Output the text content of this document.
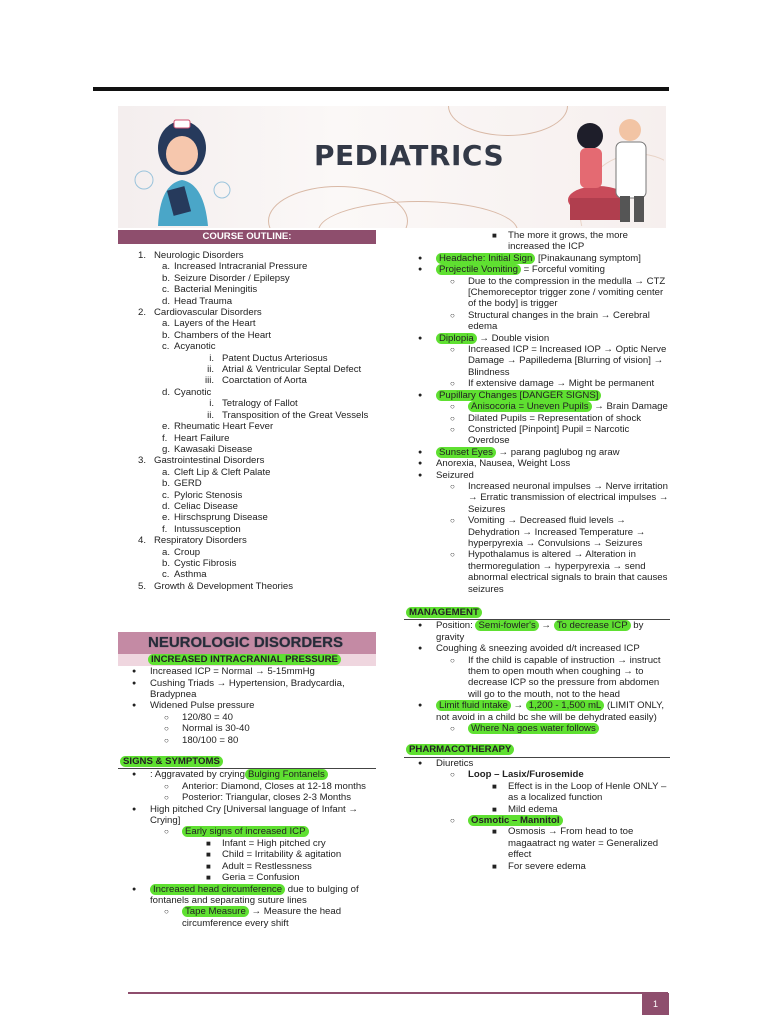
PEDIATRICS
COURSE OUTLINE:
1. Neurologic Disorders
a. Increased Intracranial Pressure
b. Seizure Disorder / Epilepsy
c. Bacterial Meningitis
d. Head Trauma
2. Cardiovascular Disorders
a. Layers of the Heart
b. Chambers of the Heart
c. Acyanotic
i. Patent Ductus Arteriosus
ii. Atrial & Ventricular Septal Defect
iii. Coarctation of Aorta
d. Cyanotic
i. Tetralogy of Fallot
ii. Transposition of the Great Vessels
e. Rheumatic Heart Fever
f. Heart Failure
g. Kawasaki Disease
3. Gastrointestinal Disorders
a. Cleft Lip & Cleft Palate
b. GERD
c. Pyloric Stenosis
d. Celiac Disease
e. Hirschsprung Disease
f. Intussusception
4. Respiratory Disorders
a. Croup
b. Cystic Fibrosis
c. Asthma
5. Growth & Development Theories
NEUROLOGIC DISORDERS
INCREASED INTRACRANIAL PRESSURE
● Increased ICP = Normal → 5-15mmHg
● Cushing Triads → Hypertension, Bradycardia, Bradypnea
● Widened Pulse pressure
○ 120/80 = 40
○ Normal is 30-40
○ 180/100 = 80
SIGNS & SYMPTOMS
● : Aggravated by crying Bulging Fontanels
○ Anterior: Diamond, Closes at 12-18 months
○ Posterior: Triangular, closes 2-3 Months
● High pitched Cry [Universal language of Infant → Crying]
○ Early signs of increased ICP
■ Infant = High pitched cry
■ Child = Irritability & agitation
■ Adult = Restlessness
■ Geria = Confusion
● Increased head circumference due to bulging of fontanels and separating suture lines
○ Tape Measure → Measure the head circumference every shift
■ The more it grows, the more increased the ICP
● Headache: Initial Sign [Pinakaunang symptom]
● Projectile Vomiting = Forceful vomiting
○ Due to the compression in the medulla → CTZ [Chemoreceptor trigger zone / vomiting center of the body] is trigger
○ Structural changes in the brain → Cerebral edema
● Diplopia → Double vision
○ Increased ICP = Increased IOP → Optic Nerve Damage → Papilledema [Blurring of vision] → Blindness
○ If extensive damage → Might be permanent
● Pupillary Changes [DANGER SIGNS]
○ Anisocoria = Uneven Pupils → Brain Damage
○ Dilated Pupils = Representation of shock
○ Constricted [Pinpoint] Pupil = Narcotic Overdose
● Sunset Eyes → parang paglubog ng araw
● Anorexia, Nausea, Weight Loss
● Seizured
○ Increased neuronal impulses → Nerve irritation → Erratic transmission of electrical impulses → Seizures
○ Vomiting → Decreased fluid levels → Dehydration → Increased Temperature → hyperpyrexia → Convulsions → Seizures
○ Hypothalamus is altered → Alteration in thermoregulation → hyperpyrexia → send abnormal electrical signals to brain that causes seizures
MANAGEMENT
● Position: Semi-fowler's → To decrease ICP by gravity
● Coughing & sneezing avoided d/t increased ICP
○ If the child is capable of instruction → instruct them to open mouth when coughing → to decrease ICP so the pressure from abdomen will go to the mouth, not to the head
● Limit fluid intake → 1,200 - 1,500 mL (LIMIT ONLY, not avoid in a child bc she will be dehydrated easily)
○ Where Na goes water follows
PHARMACOTHERAPY
● Diuretics
○ Loop – Lasix/Furosemide
■ Effect is in the Loop of Henle ONLY – as a localized function
■ Mild edema
○ Osmotic – Mannitol
■ Osmosis → From head to toe magaatract ng water = Generalized effect
■ For severe edema
1
